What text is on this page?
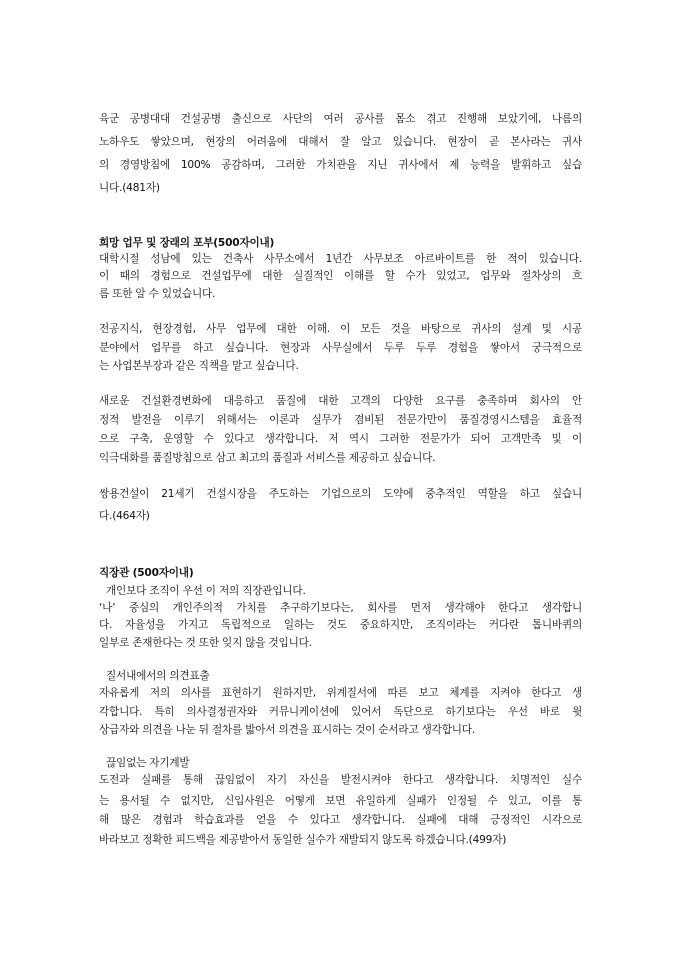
육군 공병대대 건설공병 출신으로 사단의 여러 공사를 몸소 겪고 진행해 보았기에, 나름의
노하우도 쌓았으며, 현장의 어려움에 대해서 잘 알고 있습니다. 현장이 곧 본사라는 귀사
의 경영방침에 100% 공감하며, 그러한 가치관을 지닌 귀사에서 제 능력을 발휘하고 싶습
니다.(481자)
희망 업무 및 장래의 포부(500자이내)
대학시절 성남에 있는 건축사 사무소에서 1년간 사무보조 아르바이트를 한 적이 있습니다.
이 때의 경험으로 건설업무에 대한 실질적인 이해를 할 수가 있었고, 업무와 절차상의 흐
름 또한 알 수 있었습니다.
전공지식, 현장경험, 사무 업무에 대한 이해. 이 모든 것을 바탕으로 귀사의 설계 및 시공
분야에서 업무를 하고 싶습니다. 현장과 사무실에서 두루 두루 경험을 쌓아서 궁극적으로
는 사업본부장과 같은 직책을 맡고 싶습니다.
새로운 건설환경변화에 대응하고 품질에 대한 고객의 다양한 요구를 충족하며 회사의 안
정적 발전을 이루기 위해서는 이론과 실무가 겸비된 전문가만이 품질경영시스템을 효율적
으로 구축, 운영할 수 있다고 생각합니다. 저 역시 그러한 전문가가 되어 고객만족 및 이
익극대화를 품질방침으로 삼고 최고의 품질과 서비스를 제공하고 싶습니다.
쌍용건설이 21세기 건설시장을 주도하는 기업으로의 도약에 중추적인 역할을 하고 싶습니
다.(464자)
직장관 (500자이내)
개인보다 조직이 우선 이 저의 직장관입니다.
‘나’ 중심의 개인주의적 가치를 추구하기보다는, 회사를 먼저 생각해야 한다고 생각합니
다. 자율성을 가지고 독립적으로 일하는 것도 중요하지만, 조직이라는 커다란 톱니바퀴의
일부로 존재한다는 것 또한 잊지 않을 것입니다.
질서내에서의 의견표출
자유롭게 저의 의사를 표현하기 원하지만, 위계질서에 따른 보고 체계를 지켜야 한다고 생
각합니다. 특히 의사결정권자와 커뮤니케이션에 있어서 독단으로 하기보다는 우선 바로 윗
상급자와 의견을 나눈 뒤 절차를 밟아서 의견을 표시하는 것이 순서라고 생각합니다.
끊임없는 자기계발
도전과 실패를 통해 끊임없이 자기 자신을 발전시켜야 한다고 생각합니다. 치명적인 실수
는 용서될 수 없지만, 신입사원은 어떻게 보면 유일하게 실패가 인정될 수 있고, 이를 통
해 많은 경험과 학습효과를 얻을 수 있다고 생각합니다. 실패에 대해 긍정적인 시각으로
바라보고 정확한 피드백을 제공받아서 동일한 실수가 재발되지 않도록 하겠습니다.(499자)
